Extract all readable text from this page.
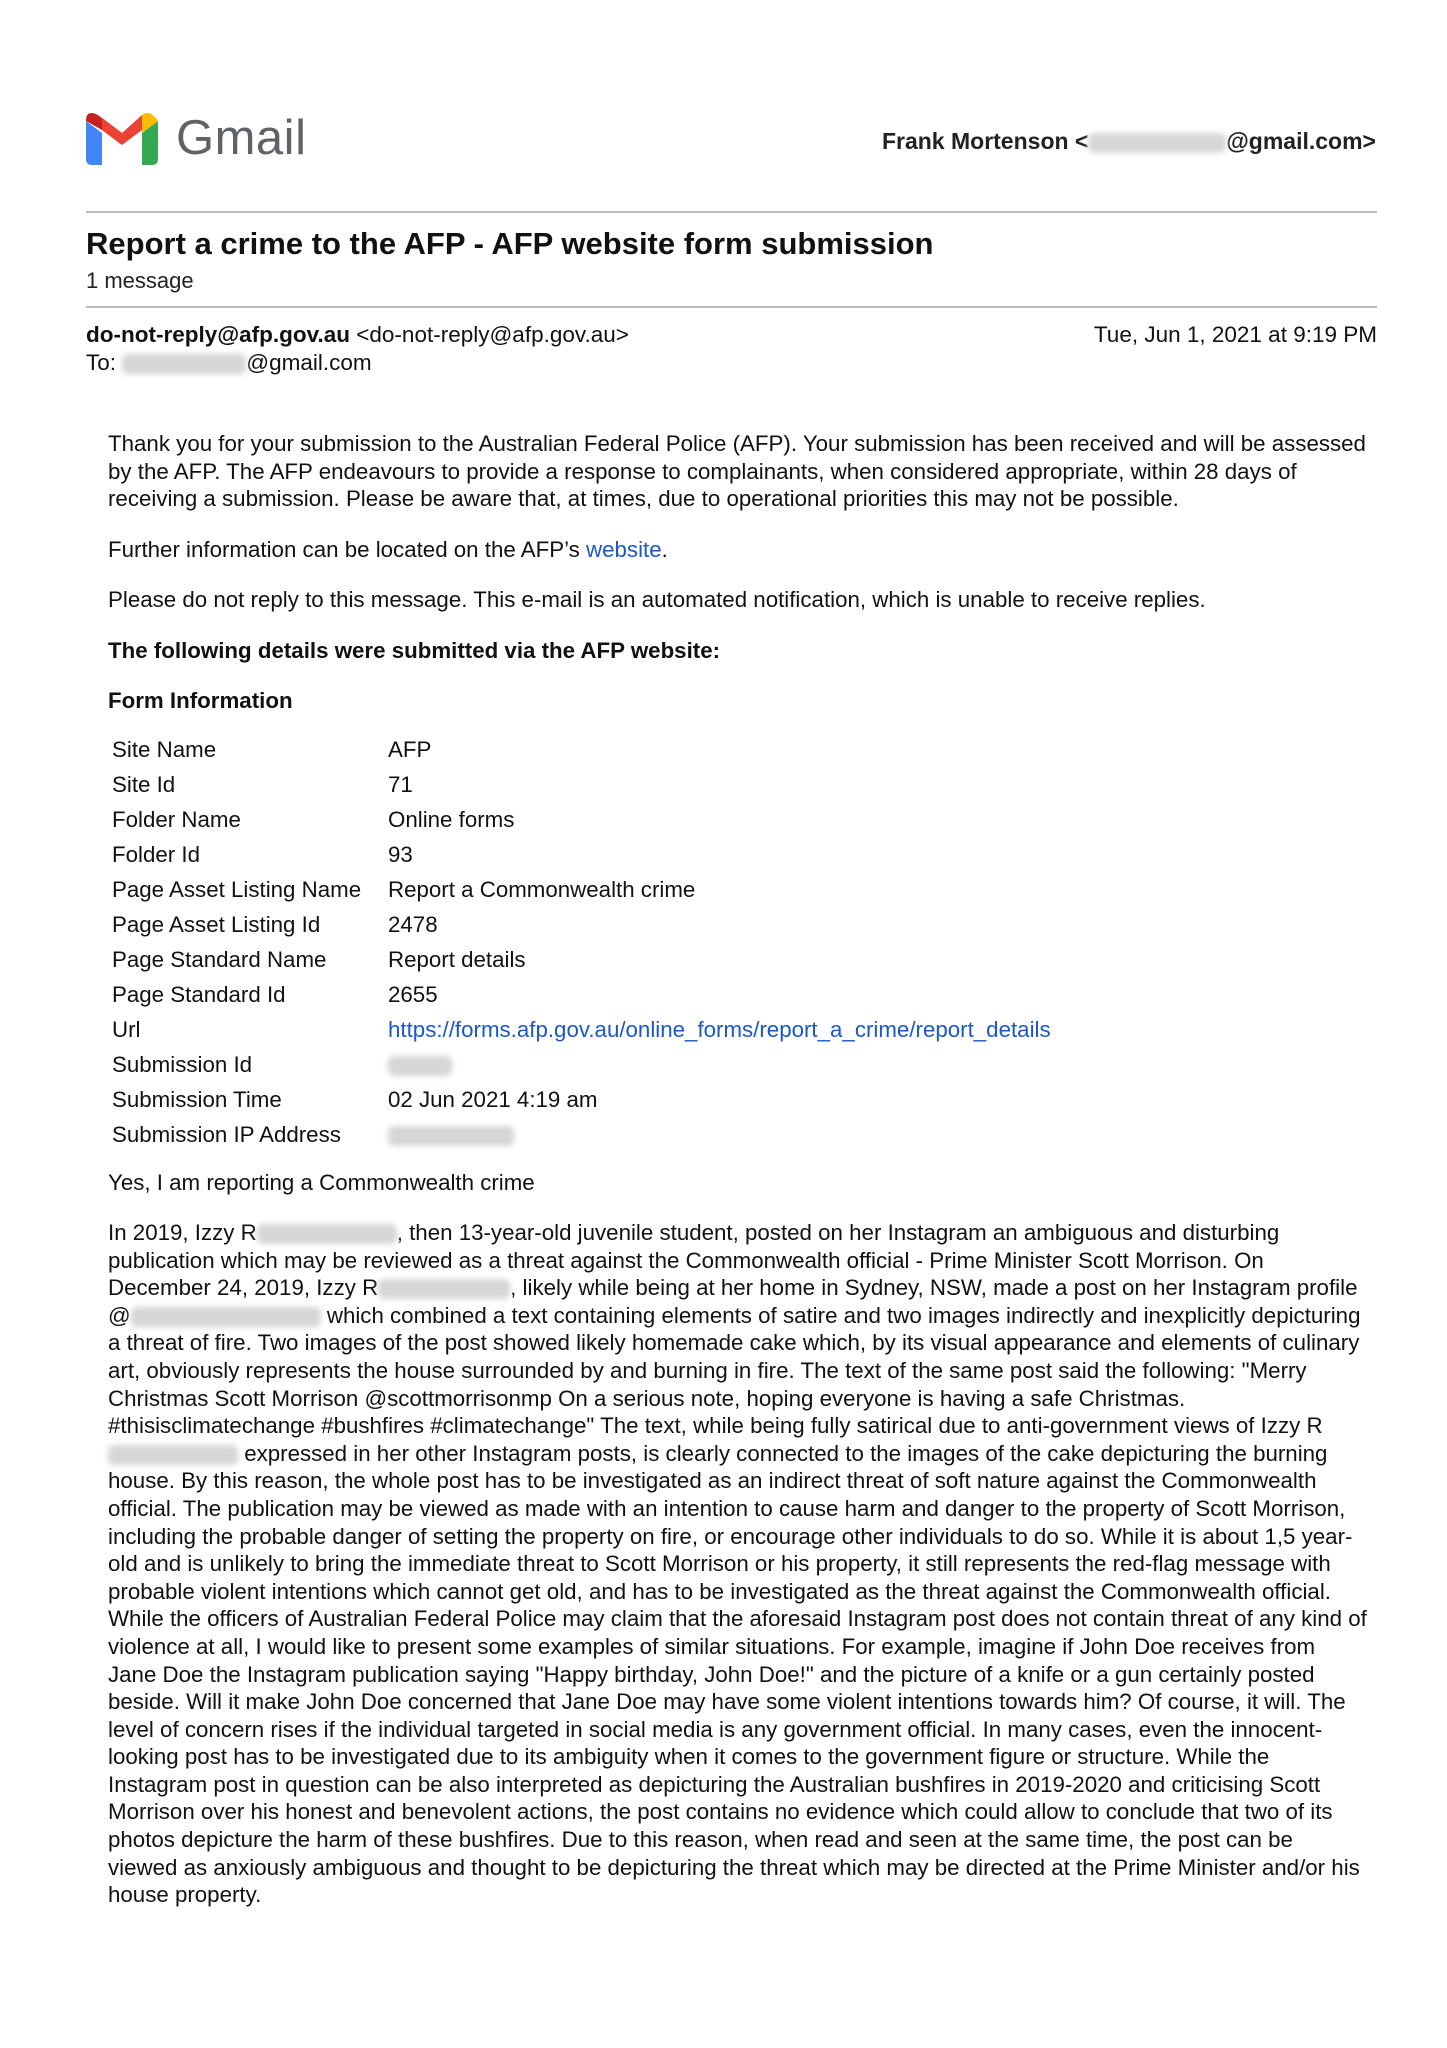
Gmail	Frank Mortenson <	@gmail.com>
Report a crime to the AFP - AFP website form submission
1 message
do-not-reply@afp.gov.au <do-not-reply@afp.gov.au>	Tue, Jun 1, 2021 at 9:19 PM
To:	@gmail.com

Thank you for your submission to the Australian Federal Police (AFP). Your submission has been received and will be assessed by the AFP. The AFP endeavours to provide a response to complainants, when considered appropriate, within 28 days of receiving a submission. Please be aware that, at times, due to operational priorities this may not be possible.

Further information can be located on the AFP’s website.

Please do not reply to this message. This e-mail is an automated notification, which is unable to receive replies.

The following details were submitted via the AFP website:

Form Information

Site Name	AFP
Site Id	71
Folder Name	Online forms
Folder Id	93
Page Asset Listing Name	Report a Commonwealth crime
Page Asset Listing Id	2478
Page Standard Name	Report details
Page Standard Id	2655
Url	https://forms.afp.gov.au/online_forms/report_a_crime/report_details
Submission Id	
Submission Time	02 Jun 2021 4:19 am
Submission IP Address	

Yes, I am reporting a Commonwealth crime

In 2019, Izzy R	, then 13-year-old juvenile student, posted on her Instagram an ambiguous and disturbing publication which may be reviewed as a threat against the Commonwealth official - Prime Minister Scott Morrison. On December 24, 2019, Izzy R	, likely while being at her home in Sydney, NSW, made a post on her Instagram profile @	which combined a text containing elements of satire and two images indirectly and inexplicitly depicturing a threat of fire. Two images of the post showed likely homemade cake which, by its visual appearance and elements of culinary art, obviously represents the house surrounded by and burning in fire. The text of the same post said the following: "Merry Christmas Scott Morrison @scottmorrisonmp On a serious note, hoping everyone is having a safe Christmas. #thisisclimatechange #bushfires #climatechange" The text, while being fully satirical due to anti-government views of Izzy R expressed in her other Instagram posts, is clearly connected to the images of the cake depicturing the burning house. By this reason, the whole post has to be investigated as an indirect threat of soft nature against the Commonwealth official. The publication may be viewed as made with an intention to cause harm and danger to the property of Scott Morrison, including the probable danger of setting the property on fire, or encourage other individuals to do so. While it is about 1,5 year-old and is unlikely to bring the immediate threat to Scott Morrison or his property, it still represents the red-flag message with probable violent intentions which cannot get old, and has to be investigated as the threat against the Commonwealth official. While the officers of Australian Federal Police may claim that the aforesaid Instagram post does not contain threat of any kind of violence at all, I would like to present some examples of similar situations. For example, imagine if John Doe receives from Jane Doe the Instagram publication saying "Happy birthday, John Doe!" and the picture of a knife or a gun certainly posted beside. Will it make John Doe concerned that Jane Doe may have some violent intentions towards him? Of course, it will. The level of concern rises if the individual targeted in social media is any government official. In many cases, even the innocent-looking post has to be investigated due to its ambiguity when it comes to the government figure or structure. While the Instagram post in question can be also interpreted as depicturing the Australian bushfires in 2019-2020 and criticising Scott Morrison over his honest and benevolent actions, the post contains no evidence which could allow to conclude that two of its photos depicture the harm of these bushfires. Due to this reason, when read and seen at the same time, the post can be viewed as anxiously ambiguous and thought to be depicturing the threat which may be directed at the Prime Minister and/or his house property.
